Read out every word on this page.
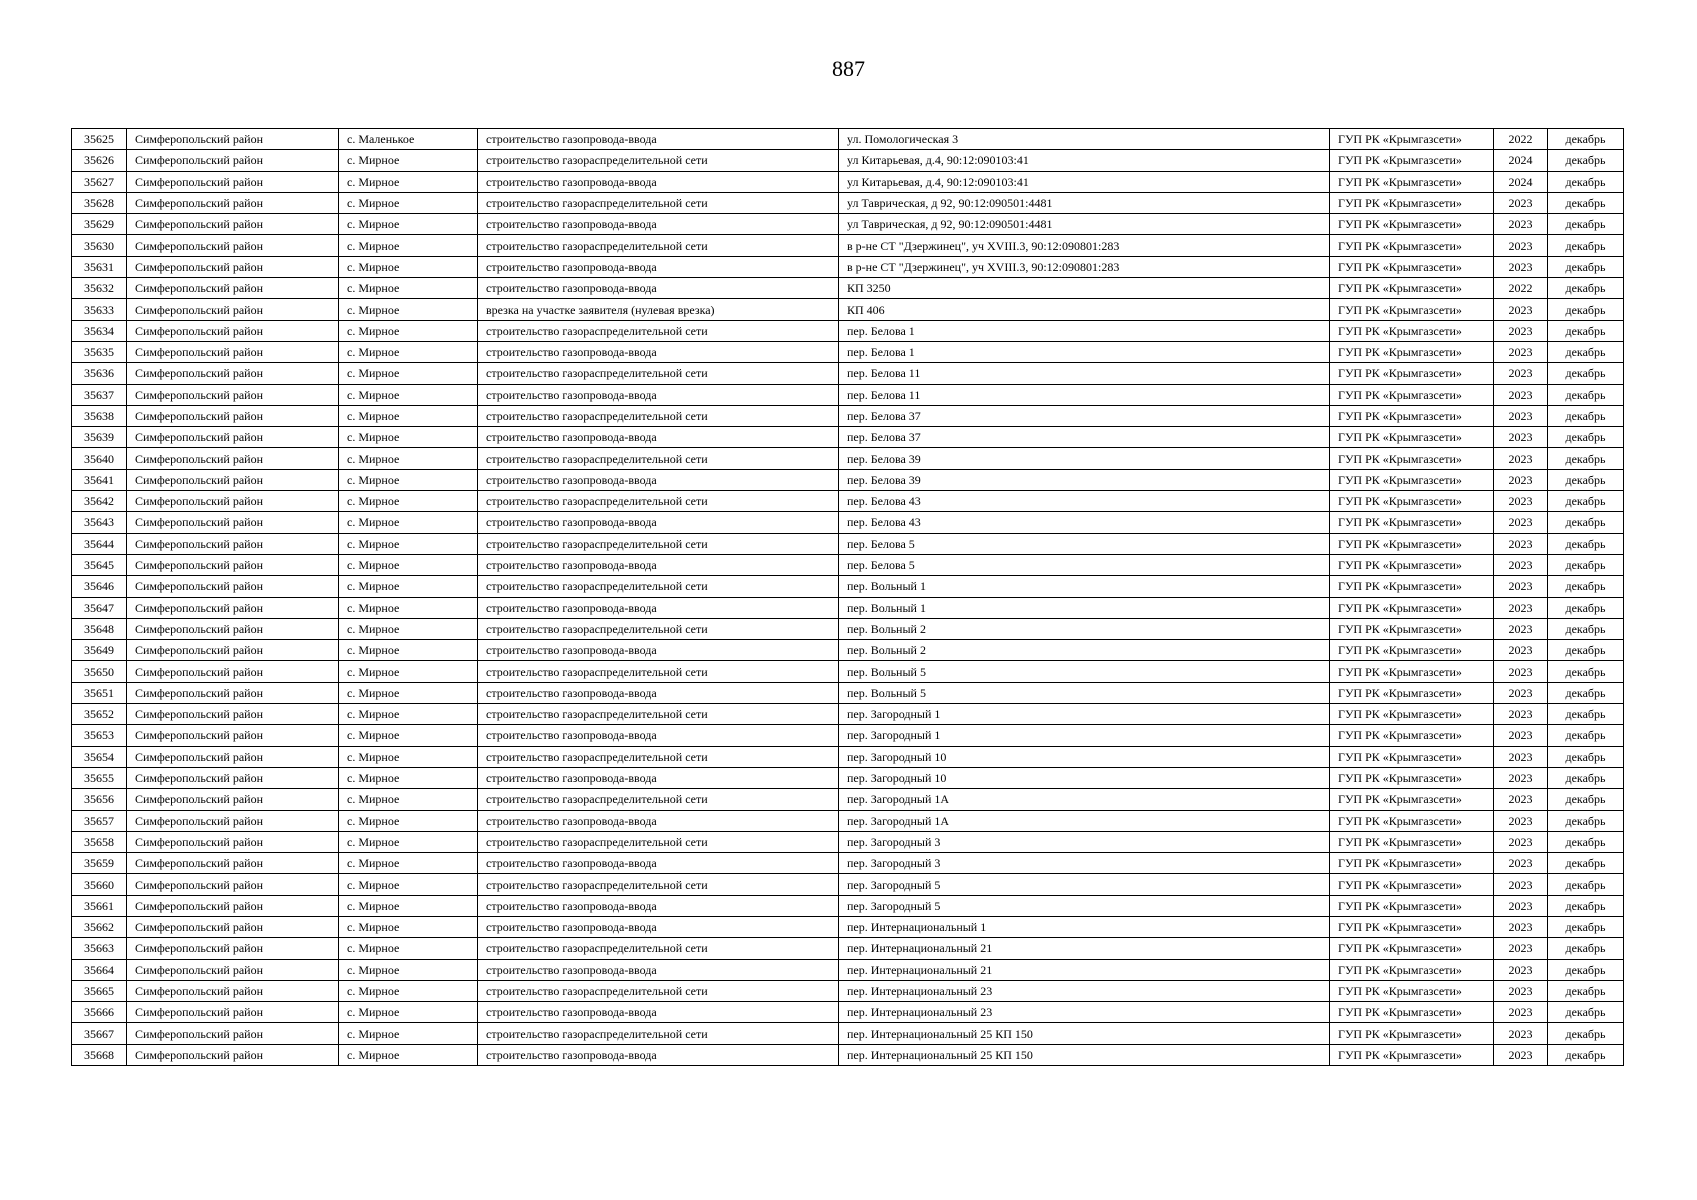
887
35625	Симферопольский район	с. Маленькое	строительство газопровода-ввода	ул. Помологическая 3	ГУП РК «Крымгазсети»	2022	декабрь
35626	Симферопольский район	с. Мирное	строительство газораспределительной сети	ул Китарьевая, д.4, 90:12:090103:41	ГУП РК «Крымгазсети»	2024	декабрь
35627	Симферопольский район	с. Мирное	строительство газопровода-ввода	ул Китарьевая, д.4, 90:12:090103:41	ГУП РК «Крымгазсети»	2024	декабрь
35628	Симферопольский район	с. Мирное	строительство газораспределительной сети	ул Таврическая, д 92, 90:12:090501:4481	ГУП РК «Крымгазсети»	2023	декабрь
35629	Симферопольский район	с. Мирное	строительство газопровода-ввода	ул Таврическая, д 92, 90:12:090501:4481	ГУП РК «Крымгазсети»	2023	декабрь
35630	Симферопольский район	с. Мирное	строительство газораспределительной сети	в р-не СТ "Дзержинец", уч XVIII.3, 90:12:090801:283	ГУП РК «Крымгазсети»	2023	декабрь
35631	Симферопольский район	с. Мирное	строительство газопровода-ввода	в р-не СТ "Дзержинец", уч XVIII.3, 90:12:090801:283	ГУП РК «Крымгазсети»	2023	декабрь
35632	Симферопольский район	с. Мирное	строительство газопровода-ввода	КП 3250	ГУП РК «Крымгазсети»	2022	декабрь
35633	Симферопольский район	с. Мирное	врезка на участке заявителя (нулевая врезка)	КП 406	ГУП РК «Крымгазсети»	2023	декабрь
35634	Симферопольский район	с. Мирное	строительство газораспределительной сети	пер. Белова 1	ГУП РК «Крымгазсети»	2023	декабрь
35635	Симферопольский район	с. Мирное	строительство газопровода-ввода	пер. Белова 1	ГУП РК «Крымгазсети»	2023	декабрь
35636	Симферопольский район	с. Мирное	строительство газораспределительной сети	пер. Белова 11	ГУП РК «Крымгазсети»	2023	декабрь
35637	Симферопольский район	с. Мирное	строительство газопровода-ввода	пер. Белова 11	ГУП РК «Крымгазсети»	2023	декабрь
35638	Симферопольский район	с. Мирное	строительство газораспределительной сети	пер. Белова 37	ГУП РК «Крымгазсети»	2023	декабрь
35639	Симферопольский район	с. Мирное	строительство газопровода-ввода	пер. Белова 37	ГУП РК «Крымгазсети»	2023	декабрь
35640	Симферопольский район	с. Мирное	строительство газораспределительной сети	пер. Белова 39	ГУП РК «Крымгазсети»	2023	декабрь
35641	Симферопольский район	с. Мирное	строительство газопровода-ввода	пер. Белова 39	ГУП РК «Крымгазсети»	2023	декабрь
35642	Симферопольский район	с. Мирное	строительство газораспределительной сети	пер. Белова 43	ГУП РК «Крымгазсети»	2023	декабрь
35643	Симферопольский район	с. Мирное	строительство газопровода-ввода	пер. Белова 43	ГУП РК «Крымгазсети»	2023	декабрь
35644	Симферопольский район	с. Мирное	строительство газораспределительной сети	пер. Белова 5	ГУП РК «Крымгазсети»	2023	декабрь
35645	Симферопольский район	с. Мирное	строительство газопровода-ввода	пер. Белова 5	ГУП РК «Крымгазсети»	2023	декабрь
35646	Симферопольский район	с. Мирное	строительство газораспределительной сети	пер. Вольный 1	ГУП РК «Крымгазсети»	2023	декабрь
35647	Симферопольский район	с. Мирное	строительство газопровода-ввода	пер. Вольный 1	ГУП РК «Крымгазсети»	2023	декабрь
35648	Симферопольский район	с. Мирное	строительство газораспределительной сети	пер. Вольный 2	ГУП РК «Крымгазсети»	2023	декабрь
35649	Симферопольский район	с. Мирное	строительство газопровода-ввода	пер. Вольный 2	ГУП РК «Крымгазсети»	2023	декабрь
35650	Симферопольский район	с. Мирное	строительство газораспределительной сети	пер. Вольный 5	ГУП РК «Крымгазсети»	2023	декабрь
35651	Симферопольский район	с. Мирное	строительство газопровода-ввода	пер. Вольный 5	ГУП РК «Крымгазсети»	2023	декабрь
35652	Симферопольский район	с. Мирное	строительство газораспределительной сети	пер. Загородный 1	ГУП РК «Крымгазсети»	2023	декабрь
35653	Симферопольский район	с. Мирное	строительство газопровода-ввода	пер. Загородный 1	ГУП РК «Крымгазсети»	2023	декабрь
35654	Симферопольский район	с. Мирное	строительство газораспределительной сети	пер. Загородный 10	ГУП РК «Крымгазсети»	2023	декабрь
35655	Симферопольский район	с. Мирное	строительство газопровода-ввода	пер. Загородный 10	ГУП РК «Крымгазсети»	2023	декабрь
35656	Симферопольский район	с. Мирное	строительство газораспределительной сети	пер. Загородный 1А	ГУП РК «Крымгазсети»	2023	декабрь
35657	Симферопольский район	с. Мирное	строительство газопровода-ввода	пер. Загородный 1А	ГУП РК «Крымгазсети»	2023	декабрь
35658	Симферопольский район	с. Мирное	строительство газораспределительной сети	пер. Загородный 3	ГУП РК «Крымгазсети»	2023	декабрь
35659	Симферопольский район	с. Мирное	строительство газопровода-ввода	пер. Загородный 3	ГУП РК «Крымгазсети»	2023	декабрь
35660	Симферопольский район	с. Мирное	строительство газораспределительной сети	пер. Загородный 5	ГУП РК «Крымгазсети»	2023	декабрь
35661	Симферопольский район	с. Мирное	строительство газопровода-ввода	пер. Загородный 5	ГУП РК «Крымгазсети»	2023	декабрь
35662	Симферопольский район	с. Мирное	строительство газопровода-ввода	пер. Интернациональный 1	ГУП РК «Крымгазсети»	2023	декабрь
35663	Симферопольский район	с. Мирное	строительство газораспределительной сети	пер. Интернациональный 21	ГУП РК «Крымгазсети»	2023	декабрь
35664	Симферопольский район	с. Мирное	строительство газопровода-ввода	пер. Интернациональный 21	ГУП РК «Крымгазсети»	2023	декабрь
35665	Симферопольский район	с. Мирное	строительство газораспределительной сети	пер. Интернациональный 23	ГУП РК «Крымгазсети»	2023	декабрь
35666	Симферопольский район	с. Мирное	строительство газопровода-ввода	пер. Интернациональный 23	ГУП РК «Крымгазсети»	2023	декабрь
35667	Симферопольский район	с. Мирное	строительство газораспределительной сети	пер. Интернациональный 25 КП 150	ГУП РК «Крымгазсети»	2023	декабрь
35668	Симферопольский район	с. Мирное	строительство газопровода-ввода	пер. Интернациональный 25 КП 150	ГУП РК «Крымгазсети»	2023	декабрь
